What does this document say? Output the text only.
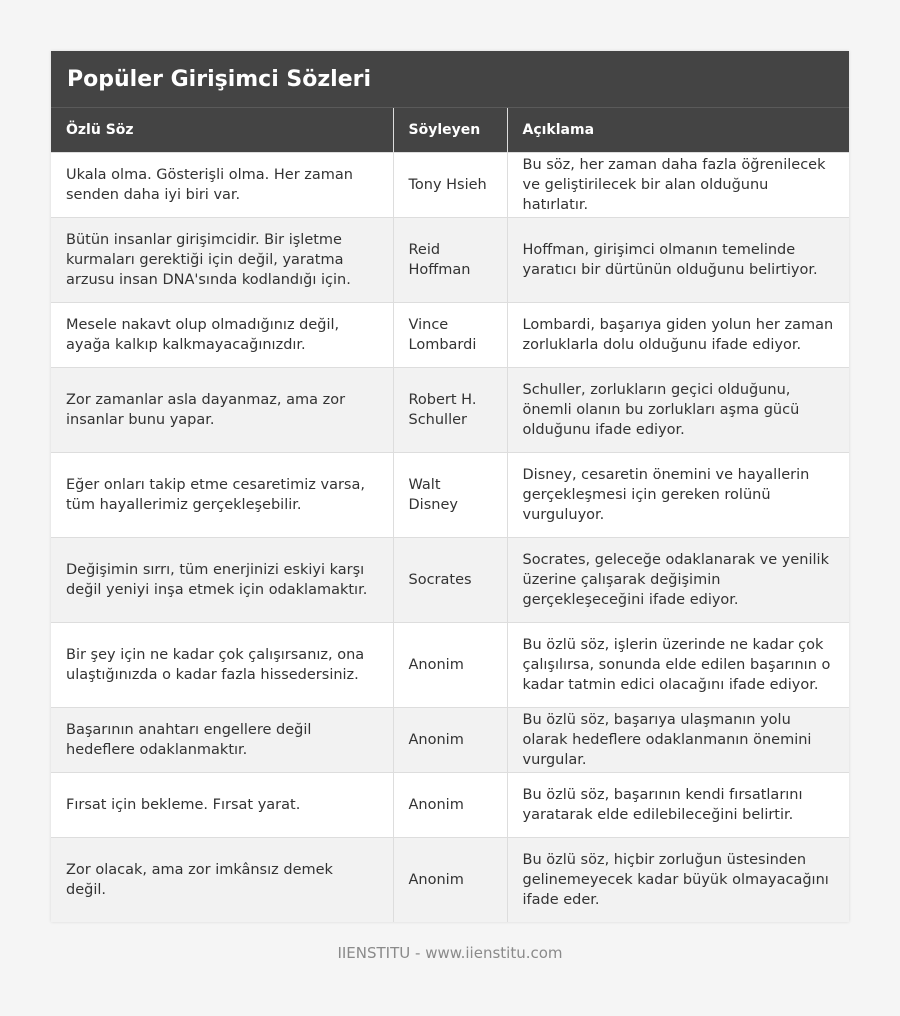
Popüler Girişimci Sözleri
Özlü Söz	Söyleyen	Açıklama
Ukala olma. Gösterişli olma. Her zaman senden daha iyi biri var.	Tony Hsieh	Bu söz, her zaman daha fazla öğrenilecek ve geliştirilecek bir alan olduğunu hatırlatır.
Bütün insanlar girişimcidir. Bir işletme kurmaları gerektiği için değil, yaratma arzusu insan DNA'sında kodlandığı için.	Reid Hoffman	Hoffman, girişimci olmanın temelinde yaratıcı bir dürtünün olduğunu belirtiyor.
Mesele nakavt olup olmadığınız değil, ayağa kalkıp kalkmayacağınızdır.	Vince Lombardi	Lombardi, başarıya giden yolun her zaman zorluklarla dolu olduğunu ifade ediyor.
Zor zamanlar asla dayanmaz, ama zor insanlar bunu yapar.	Robert H. Schuller	Schuller, zorlukların geçici olduğunu, önemli olanın bu zorlukları aşma gücü olduğunu ifade ediyor.
Eğer onları takip etme cesaretimiz varsa, tüm hayallerimiz gerçekleşebilir.	Walt Disney	Disney, cesaretin önemini ve hayallerin gerçekleşmesi için gereken rolünü vurguluyor.
Değişimin sırrı, tüm enerjinizi eskiyi karşı değil yeniyi inşa etmek için odaklamaktır.	Socrates	Socrates, geleceğe odaklanarak ve yenilik üzerine çalışarak değişimin gerçekleşeceğini ifade ediyor.
Bir şey için ne kadar çok çalışırsanız, ona ulaştığınızda o kadar fazla hissedersiniz.	Anonim	Bu özlü söz, işlerin üzerinde ne kadar çok çalışılırsa, sonunda elde edilen başarının o kadar tatmin edici olacağını ifade ediyor.
Başarının anahtarı engellere değil hedeflere odaklanmaktır.	Anonim	Bu özlü söz, başarıya ulaşmanın yolu olarak hedeflere odaklanmanın önemini vurgular.
Fırsat için bekleme. Fırsat yarat.	Anonim	Bu özlü söz, başarının kendi fırsatlarını yaratarak elde edilebileceğini belirtir.
Zor olacak, ama zor imkânsız demek değil.	Anonim	Bu özlü söz, hiçbir zorluğun üstesinden gelinemeyecek kadar büyük olmayacağını ifade eder.
IIENSTITU - www.iienstitu.com
